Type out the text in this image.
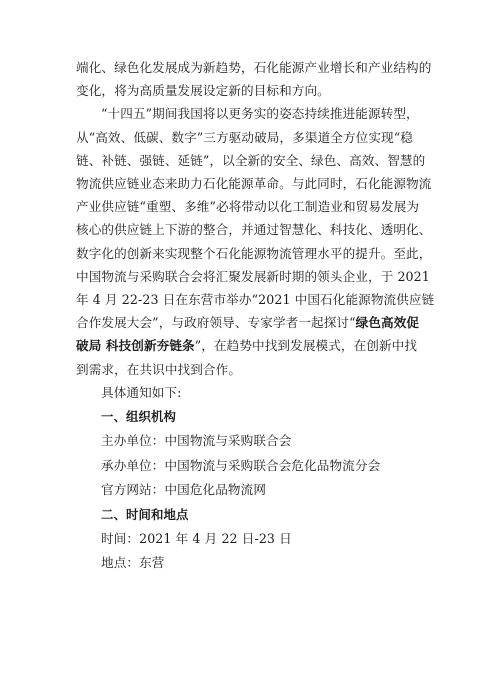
端化、绿色化发展成为新趋势，石化能源产业增长和产业结构的
变化，将为高质量发展设定新的目标和方向。

“十四五”期间我国将以更务实的姿态持续推进能源转型，
从“高效、低碳、数字”三方驱动破局，多渠道全方位实现“稳
链、补链、强链、延链”，以全新的安全、绿色、高效、智慧的
物流供应链业态来助力石化能源革命。与此同时，石化能源物流
产业供应链“重塑、多维”必将带动以化工制造业和贸易发展为
核心的供应链上下游的整合，并通过智慧化、科技化、透明化、
数字化的创新来实现整个石化能源物流管理水平的提升。至此，
中国物流与采购联合会将汇聚发展新时期的领头企业，于 2021
年 4 月 22-23 日在东营市举办“2021 中国石化能源物流供应链
合作发展大会”，与政府领导、专家学者一起探讨“绿色高效促
破局 科技创新夯链条”，在趋势中找到发展模式，在创新中找
到需求，在共识中找到合作。

具体通知如下:

一、组织机构

主办单位：中国物流与采购联合会

承办单位：中国物流与采购联合会危化品物流分会

官方网站：中国危化品物流网

二、时间和地点

时间：2021 年 4 月 22 日-23 日

地点：东营
